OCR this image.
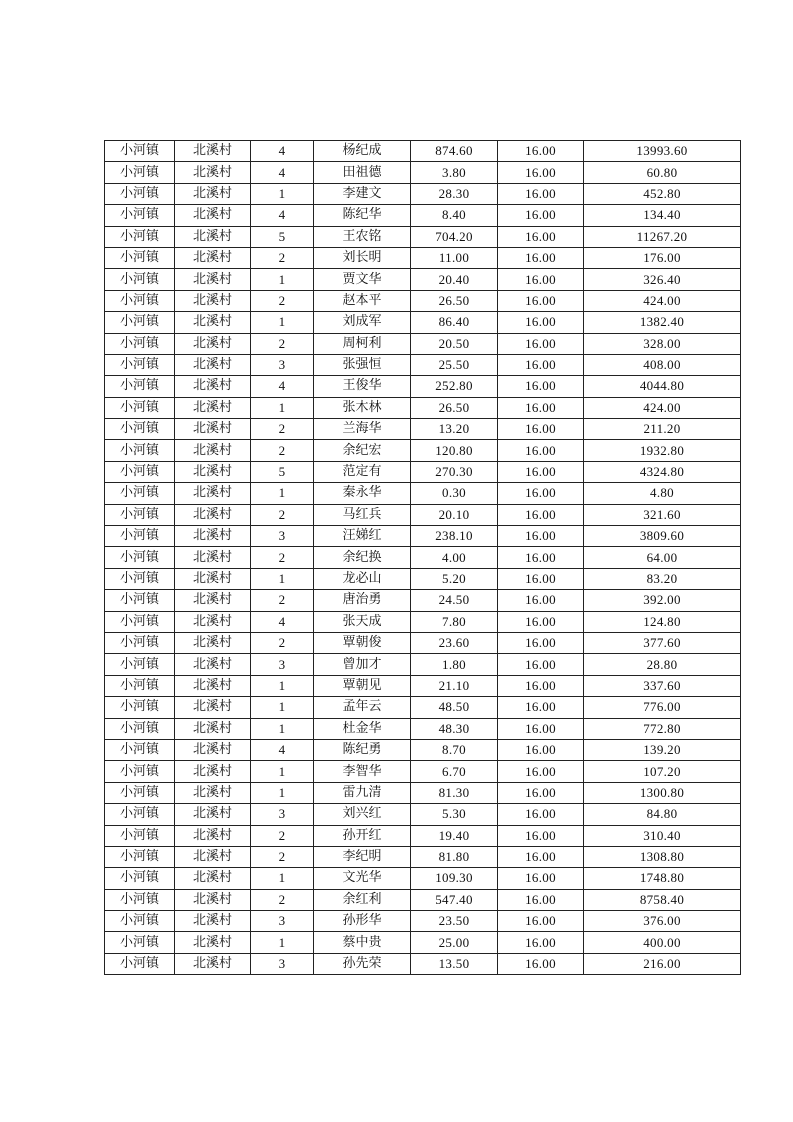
小河镇	北溪村	4	杨纪成	874.60	16.00	13993.60
小河镇	北溪村	4	田祖德	3.80	16.00	60.80
小河镇	北溪村	1	李建文	28.30	16.00	452.80
小河镇	北溪村	4	陈纪华	8.40	16.00	134.40
小河镇	北溪村	5	王农铭	704.20	16.00	11267.20
小河镇	北溪村	2	刘长明	11.00	16.00	176.00
小河镇	北溪村	1	贾文华	20.40	16.00	326.40
小河镇	北溪村	2	赵本平	26.50	16.00	424.00
小河镇	北溪村	1	刘成军	86.40	16.00	1382.40
小河镇	北溪村	2	周柯利	20.50	16.00	328.00
小河镇	北溪村	3	张强恒	25.50	16.00	408.00
小河镇	北溪村	4	王俊华	252.80	16.00	4044.80
小河镇	北溪村	1	张木林	26.50	16.00	424.00
小河镇	北溪村	2	兰海华	13.20	16.00	211.20
小河镇	北溪村	2	余纪宏	120.80	16.00	1932.80
小河镇	北溪村	5	范定有	270.30	16.00	4324.80
小河镇	北溪村	1	秦永华	0.30	16.00	4.80
小河镇	北溪村	2	马红兵	20.10	16.00	321.60
小河镇	北溪村	3	汪娣红	238.10	16.00	3809.60
小河镇	北溪村	2	余纪换	4.00	16.00	64.00
小河镇	北溪村	1	龙必山	5.20	16.00	83.20
小河镇	北溪村	2	唐治勇	24.50	16.00	392.00
小河镇	北溪村	4	张天成	7.80	16.00	124.80
小河镇	北溪村	2	覃朝俊	23.60	16.00	377.60
小河镇	北溪村	3	曾加才	1.80	16.00	28.80
小河镇	北溪村	1	覃朝见	21.10	16.00	337.60
小河镇	北溪村	1	孟年云	48.50	16.00	776.00
小河镇	北溪村	1	杜金华	48.30	16.00	772.80
小河镇	北溪村	4	陈纪勇	8.70	16.00	139.20
小河镇	北溪村	1	李智华	6.70	16.00	107.20
小河镇	北溪村	1	雷九清	81.30	16.00	1300.80
小河镇	北溪村	3	刘兴红	5.30	16.00	84.80
小河镇	北溪村	2	孙开红	19.40	16.00	310.40
小河镇	北溪村	2	李纪明	81.80	16.00	1308.80
小河镇	北溪村	1	文光华	109.30	16.00	1748.80
小河镇	北溪村	2	余红利	547.40	16.00	8758.40
小河镇	北溪村	3	孙形华	23.50	16.00	376.00
小河镇	北溪村	1	蔡中贵	25.00	16.00	400.00
小河镇	北溪村	3	孙先荣	13.50	16.00	216.00
